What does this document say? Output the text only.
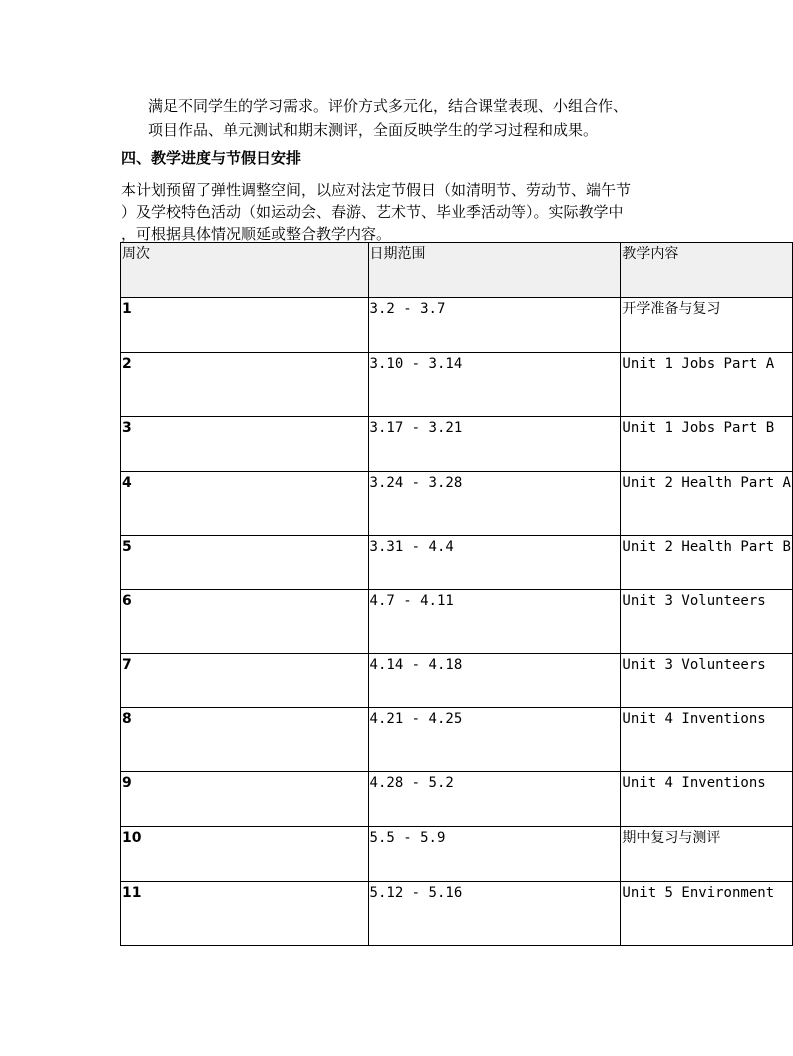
满足不同学生的学习需求。评价方式多元化，结合课堂表现、小组合作、
项目作品、单元测试和期末测评，全面反映学生的学习过程和成果。
四、教学进度与节假日安排
本计划预留了弹性调整空间，以应对法定节假日（如清明节、劳动节、端午节
）及学校特色活动（如运动会、春游、艺术节、毕业季活动等）。实际教学中
，可根据具体情况顺延或整合教学内容。
周次	日期范围	教学内容
1	3.2 - 3.7	开学准备与复习
2	3.10 - 3.14	Unit 1 Jobs Part A
3	3.17 - 3.21	Unit 1 Jobs Part B
4	3.24 - 3.28	Unit 2 Health Part A
5	3.31 - 4.4	Unit 2 Health Part B
6	4.7 - 4.11	Unit 3 Volunteers
7	4.14 - 4.18	Unit 3 Volunteers
8	4.21 - 4.25	Unit 4 Inventions
9	4.28 - 5.2	Unit 4 Inventions
10	5.5 - 5.9	期中复习与测评
11	5.12 - 5.16	Unit 5 Environment
